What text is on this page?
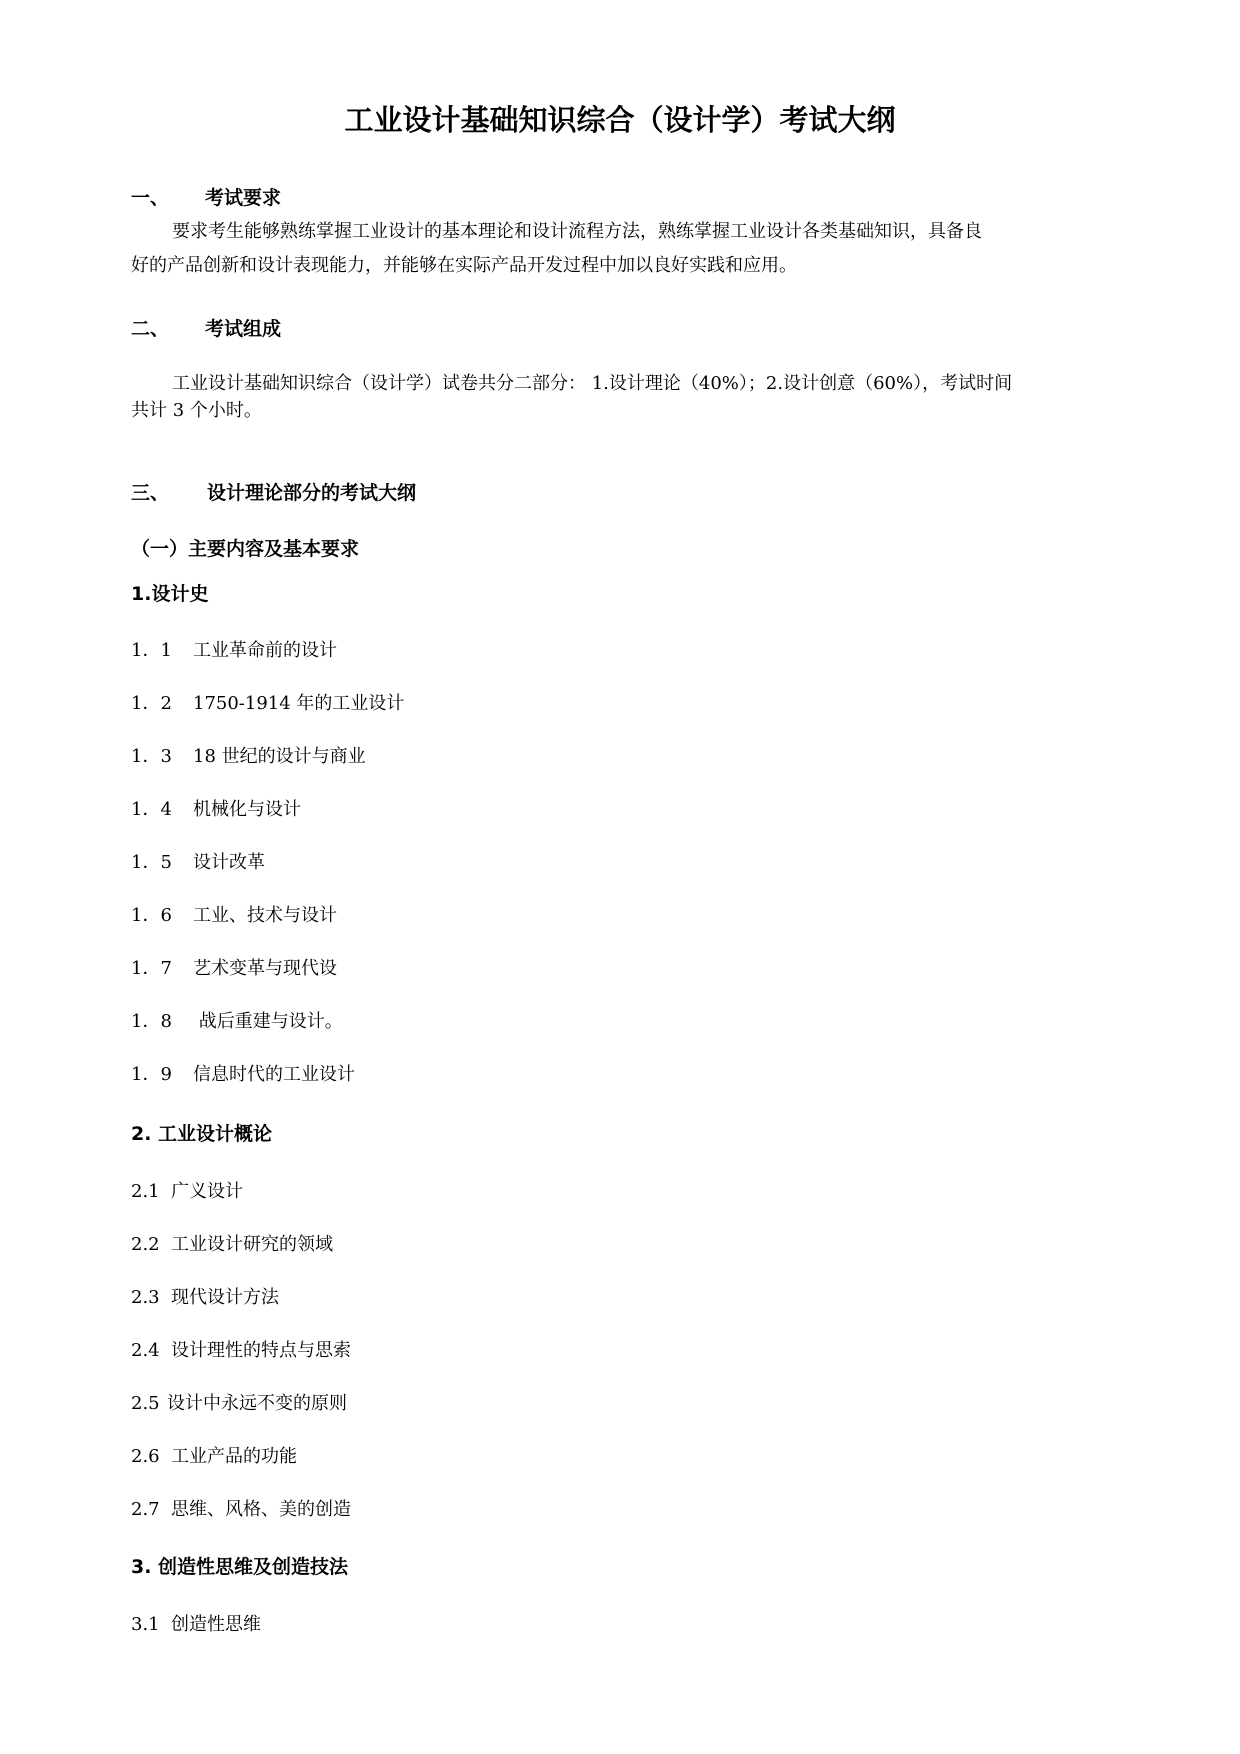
工业设计基础知识综合（设计学）考试大纲
一、	考试要求
要求考生能够熟练掌握工业设计的基本理论和设计流程方法，熟练掌握工业设计各类基础知识，具备良
好的产品创新和设计表现能力，并能够在实际产品开发过程中加以良好实践和应用。
二、	考试组成
工业设计基础知识综合（设计学）试卷共分二部分： 1.设计理论（40%）；2.设计创意（60%），考试时间
共计 3 个小时。
三、	设计理论部分的考试大纲
（一）主要内容及基本要求
1.设计史
1．1 工业革命前的设计
1．2 1750-1914 年的工业设计
1．3 18 世纪的设计与商业
1．4 机械化与设计
1．5 设计改革
1．6 工业、技术与设计
1．7 艺术变革与现代设
1．8 战后重建与设计。
1．9 信息时代的工业设计
2. 工业设计概论
2.1 广义设计
2.2 工业设计研究的领域
2.3 现代设计方法
2.4 设计理性的特点与思索
2.5 设计中永远不变的原则
2.6 工业产品的功能
2.7 思维、风格、美的创造
3. 创造性思维及创造技法
3.1 创造性思维
